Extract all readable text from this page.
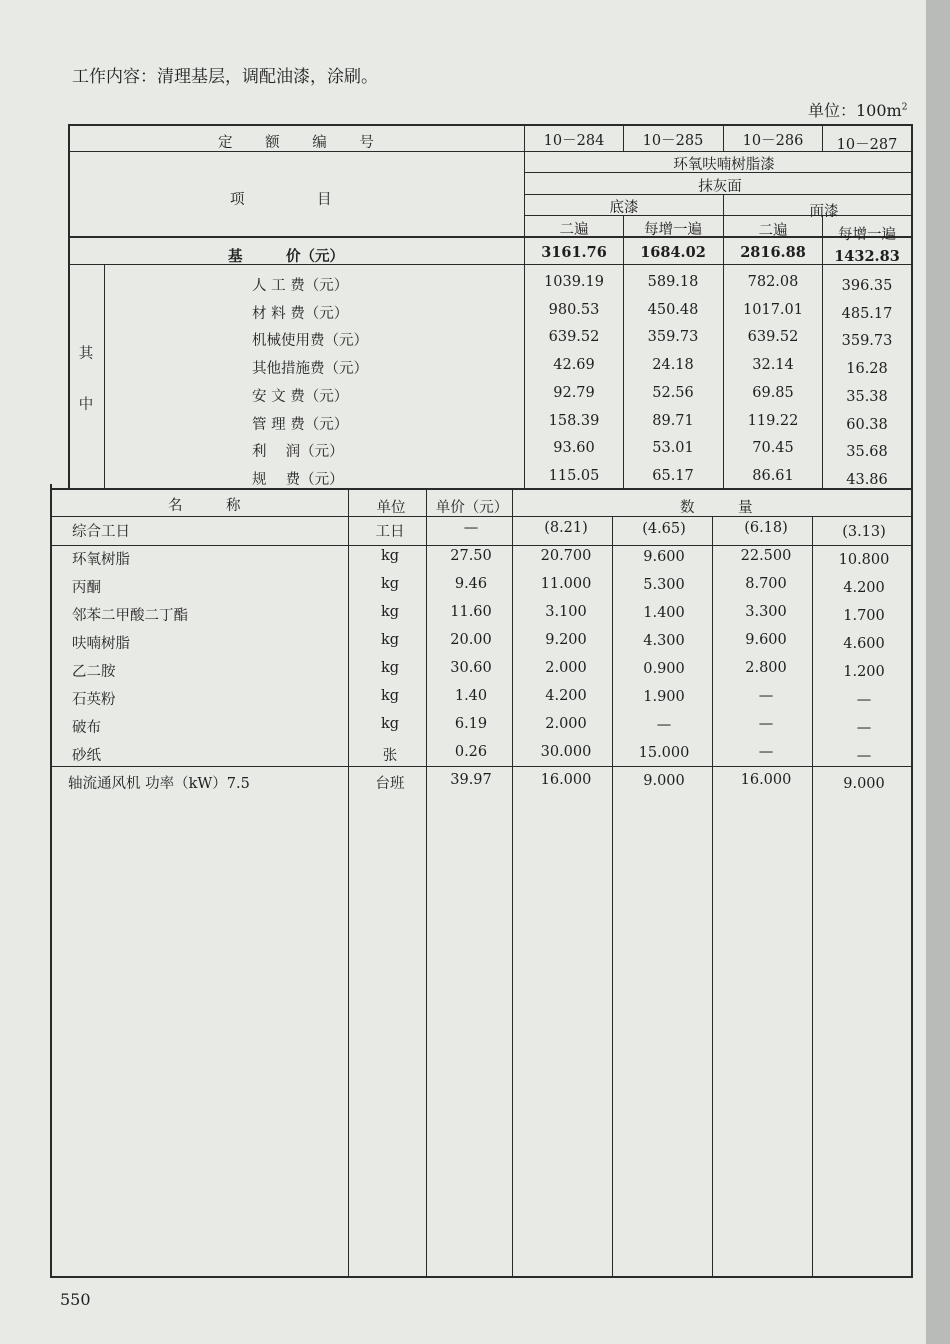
工作内容：清理基层，调配油漆，涂刷。
单位：$100m^2$
定 额 编 号	10－284	10－285	10－286 10－287
项　　　　　目
环氧呋喃树脂漆
抹灰面
底漆	面漆
二遍	每增一遍	二遍	每增一遍
基　　　价（元）	3161.76 1684.02 2816.88 1432.83
其
中
名　　　称	单位 单价（元）	数　　　量
人 工 费（元）	1039.19	589.18	782.08	396.35
材 料 费（元）	980.53	450.48	1017.01	485.17
机械使用费（元）	639.52	359.73	639.52	359.73
其他措施费（元）	42.69	24.18	32.14	16.28
安 文 费（元）	92.79	52.56	69.85	35.38
管 理 费（元）	158.39	89.71	119.22	60.38
利　 润（元）	93.60	53.01	70.45	35.68
规　 费（元）	115.05	65.17	86.61	43.86
综合工日	工日	—	(8.21)	(4.65)	(6.18)	(3.13)
环氧树脂	kg	27.50	20.700	9.600	22.500	10.800
丙酮	kg	9.46	11.000	5.300	8.700	4.200
邻苯二甲酸二丁酯	kg	11.60	3.100	1.400	3.300	1.700
呋喃树脂	kg	20.00	9.200	4.300	9.600	4.600
乙二胺	kg	30.60	2.000	0.900	2.800	1.200
石英粉	kg	1.40	4.200	1.900	—	—
破布	kg	6.19	2.000	—	—	—
砂纸	张	0.26	30.000	15.000	—	—
轴流通风机 功率（kW）7.5	台班	39.97	16.000	9.000	16.000	9.000
550
